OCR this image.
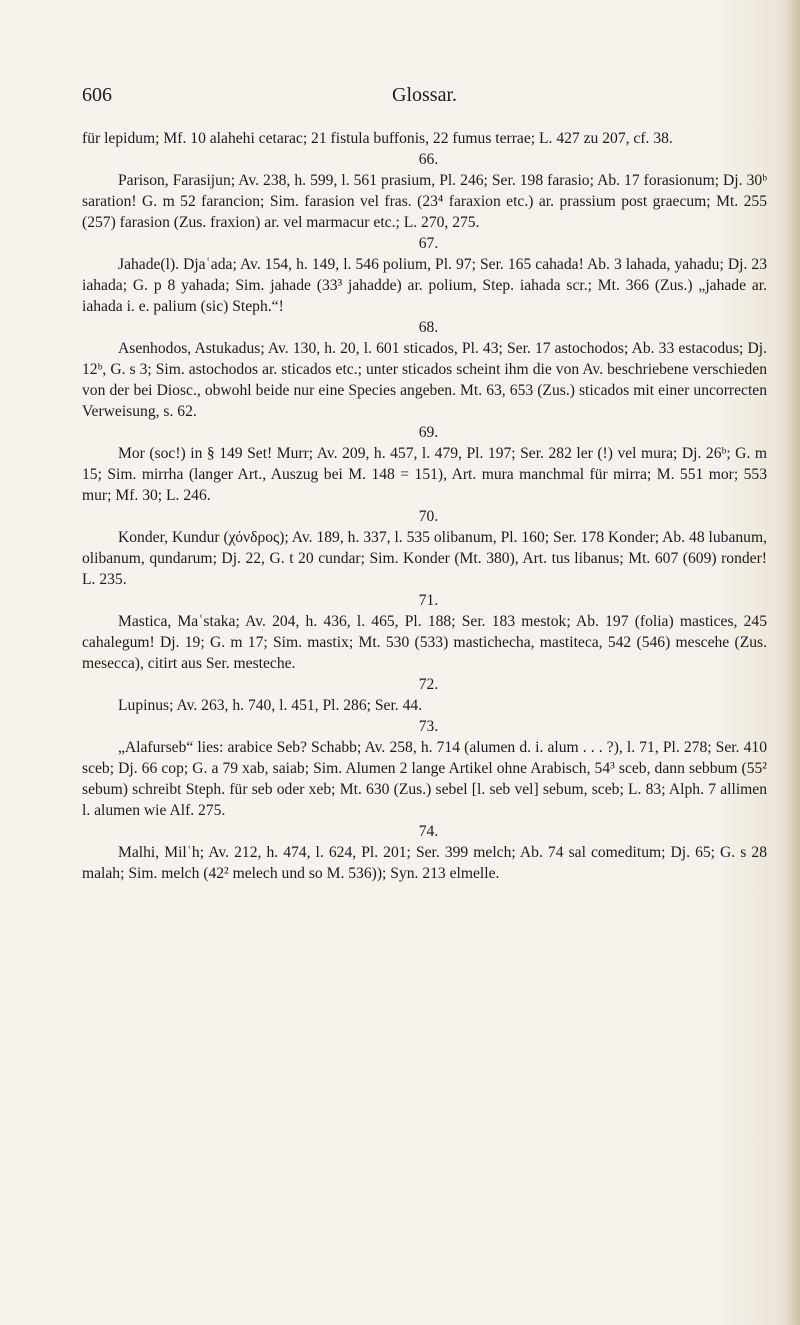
606	Glossar.

für lepidum; Mf. 10 alahehi cetarac; 21 fistula buffonis, 22 fumus terrae; L. 427 zu 207, cf. 38.

66.

Parison, Farasijun; Av. 238, h. 599, l. 561 prasium, Pl. 246; Ser. 198 farasio; Ab. 17 forasionum; Dj. 30ᵇ saration! G. m 52 farancion; Sim. farasion vel fras. (23⁴ faraxion etc.) ar. prassium post graecum; Mt. 255 (257) farasion (Zus. fraxion) ar. vel marmacur etc.; L. 270, 275.

67.

Jahade(l). Djaʿada; Av. 154, h. 149, l. 546 polium, Pl. 97; Ser. 165 cahada! Ab. 3 lahada, yahadu; Dj. 23 iahada; G. p 8 yahada; Sim. jahade (33³ jahadde) ar. polium, Step. iahada scr.; Mt. 366 (Zus.) „jahade ar. iahada i. e. palium (sic) Steph.“!

68.

Asenhodos, Astukadus; Av. 130, h. 20, l. 601 sticados, Pl. 43; Ser. 17 astochodos; Ab. 33 estacodus; Dj. 12ᵇ, G. s 3; Sim. astochodos ar. sticados etc.; unter sticados scheint ihm die von Av. beschriebene verschieden von der bei Diosc., obwohl beide nur eine Species angeben. Mt. 63, 653 (Zus.) sticados mit einer uncorrecten Verweisung, s. 62.

69.

Mor (soc!) in § 149 Set! Murr; Av. 209, h. 457, l. 479, Pl. 197; Ser. 282 ler (!) vel mura; Dj. 26ᵇ; G. m 15; Sim. mirrha (langer Art., Auszug bei M. 148 = 151), Art. mura manchmal für mirra; M. 551 mor; 553 mur; Mf. 30; L. 246.

70.

Konder, Kundur (χόνδρος); Av. 189, h. 337, l. 535 olibanum, Pl. 160; Ser. 178 Konder; Ab. 48 lubanum, olibanum, qundarum; Dj. 22, G. t 20 cundar; Sim. Konder (Mt. 380), Art. tus libanus; Mt. 607 (609) ronder! L. 235.

71.

Mastica, Maʿstaka; Av. 204, h. 436, l. 465, Pl. 188; Ser. 183 mestok; Ab. 197 (folia) mastices, 245 cahalegum! Dj. 19; G. m 17; Sim. mastix; Mt. 530 (533) mastichecha, mastiteca, 542 (546) mescehe (Zus. mesecca), citirt aus Ser. mesteche.

72.

Lupinus; Av. 263, h. 740, l. 451, Pl. 286; Ser. 44.

73.

„Alafurseb“ lies: arabice Seb? Schabb; Av. 258, h. 714 (alumen d. i. alum . . . ?), l. 71, Pl. 278; Ser. 410 sceb; Dj. 66 cop; G. a 79 xab, saiab; Sim. Alumen 2 lange Artikel ohne Arabisch, 54³ sceb, dann sebbum (55² sebum) schreibt Steph. für seb oder xeb; Mt. 630 (Zus.) sebel [l. seb vel] sebum, sceb; L. 83; Alph. 7 allimen l. alumen wie Alf. 275.

74.

Malhi, Milʿh; Av. 212, h. 474, l. 624, Pl. 201; Ser. 399 melch; Ab. 74 sal comeditum; Dj. 65; G. s 28 malah; Sim. melch (42² melech und so M. 536)); Syn. 213 elmelle.
